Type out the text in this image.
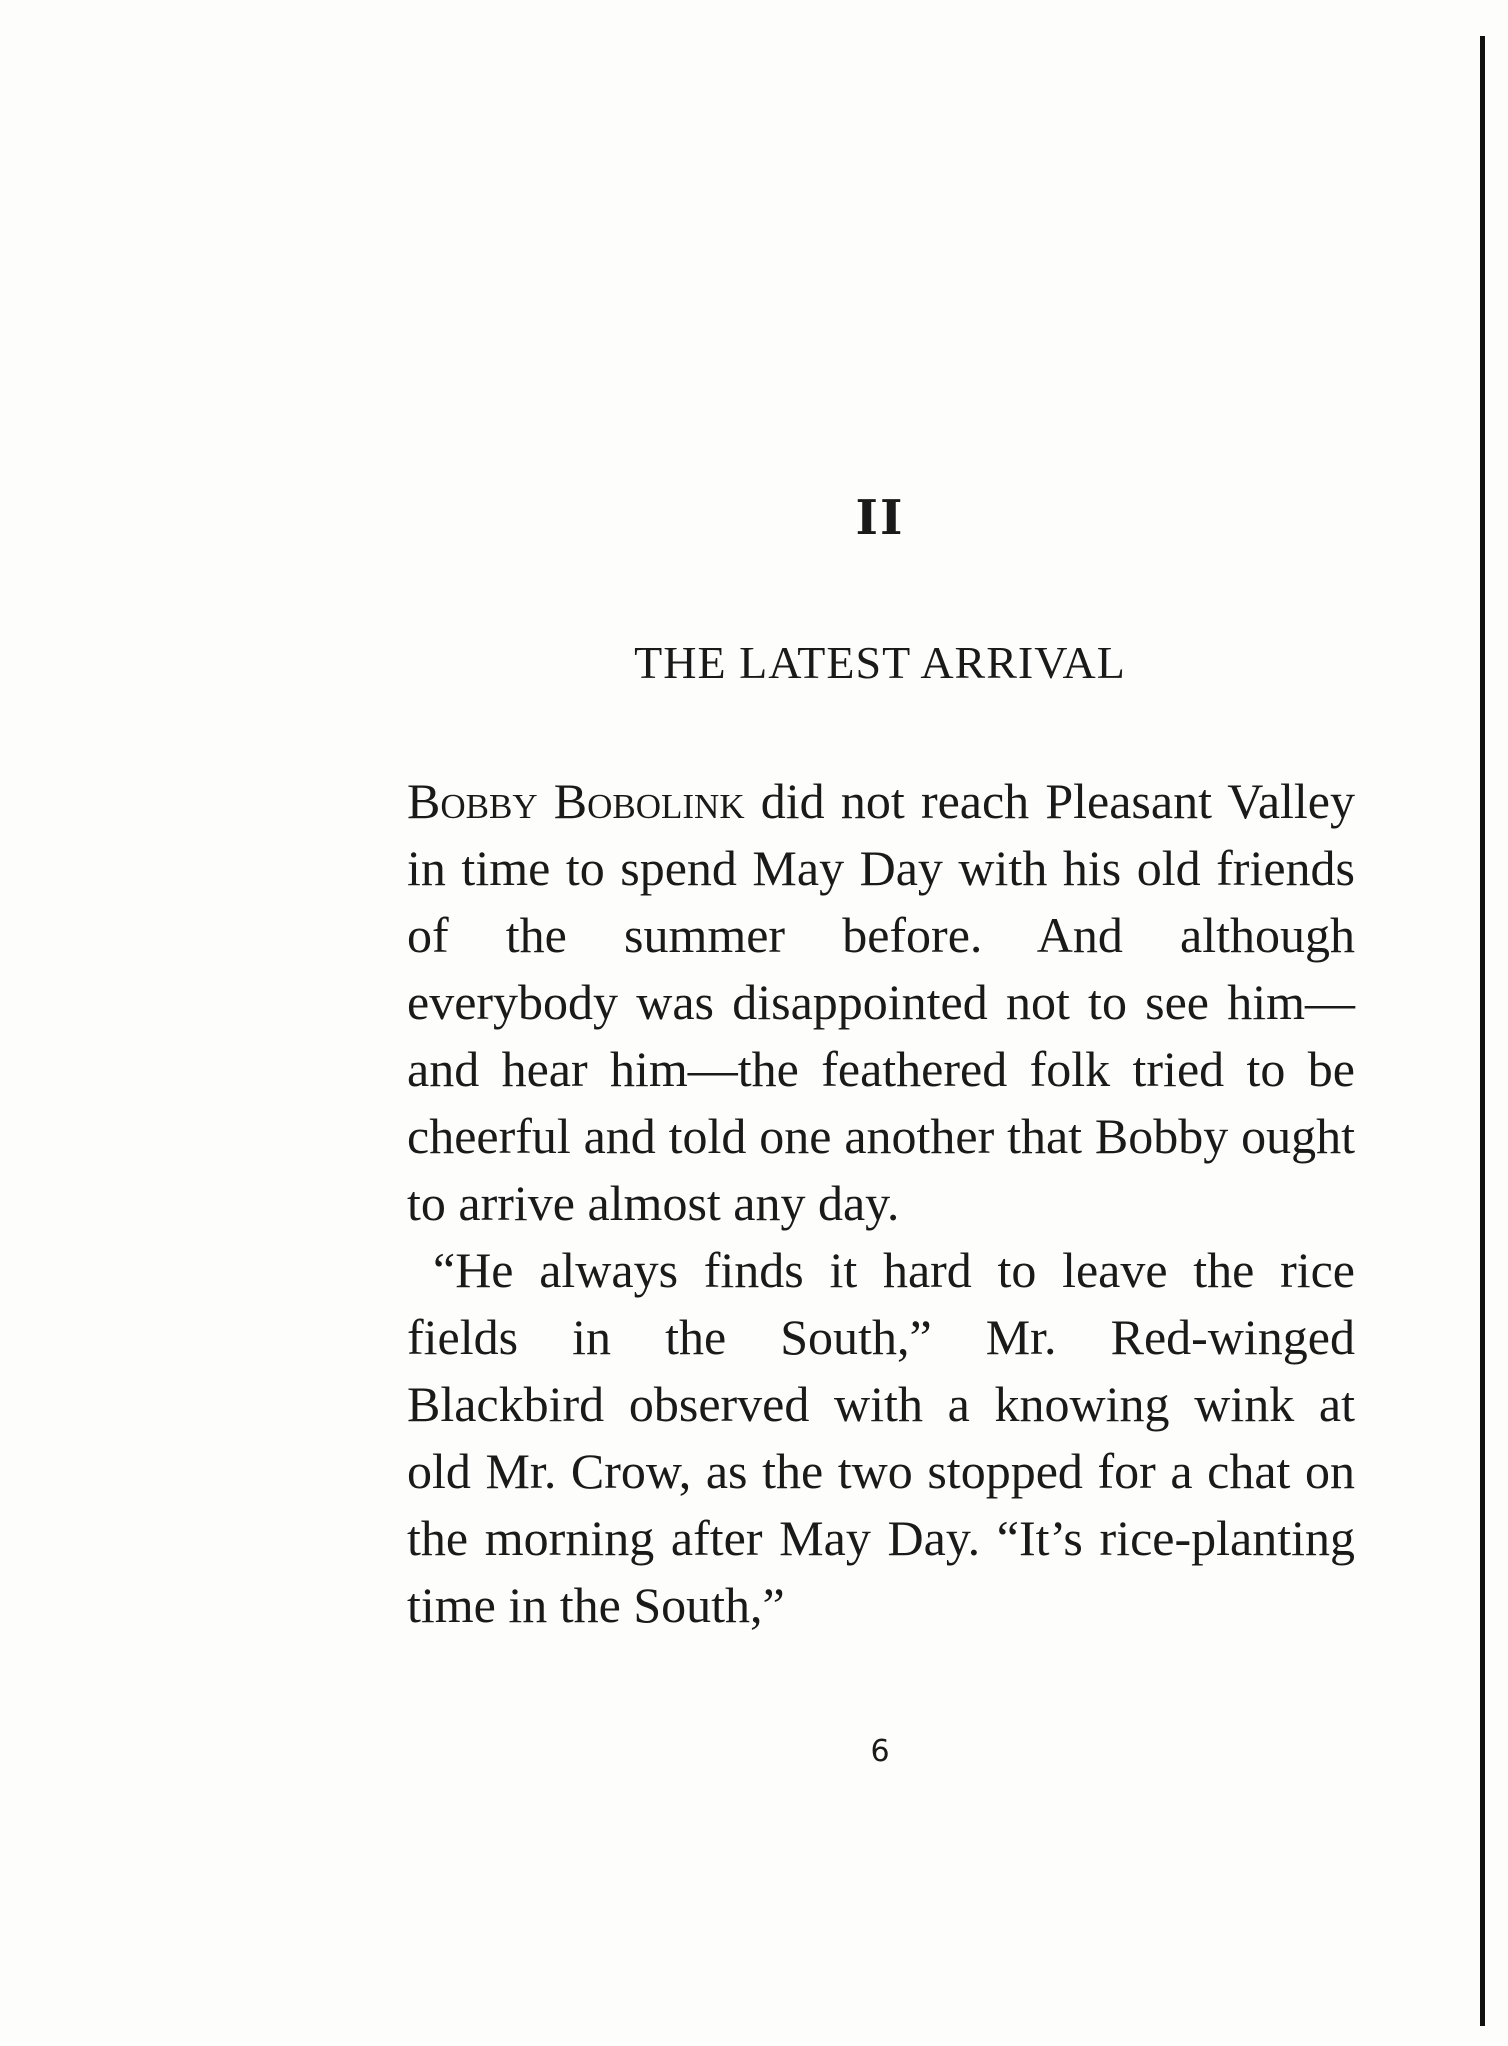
II
THE LATEST ARRIVAL

Bobby Bobolink did not reach Pleasant Valley in time to spend May Day with his old friends of the summer before. And although everybody was disappointed not to see him—and hear him—the feathered folk tried to be cheerful and told one another that Bobby ought to arrive almost any day.

“He always finds it hard to leave the rice fields in the South,” Mr. Red-winged Blackbird observed with a knowing wink at old Mr. Crow, as the two stopped for a chat on the morning after May Day. “It’s rice-planting time in the South,”

6
